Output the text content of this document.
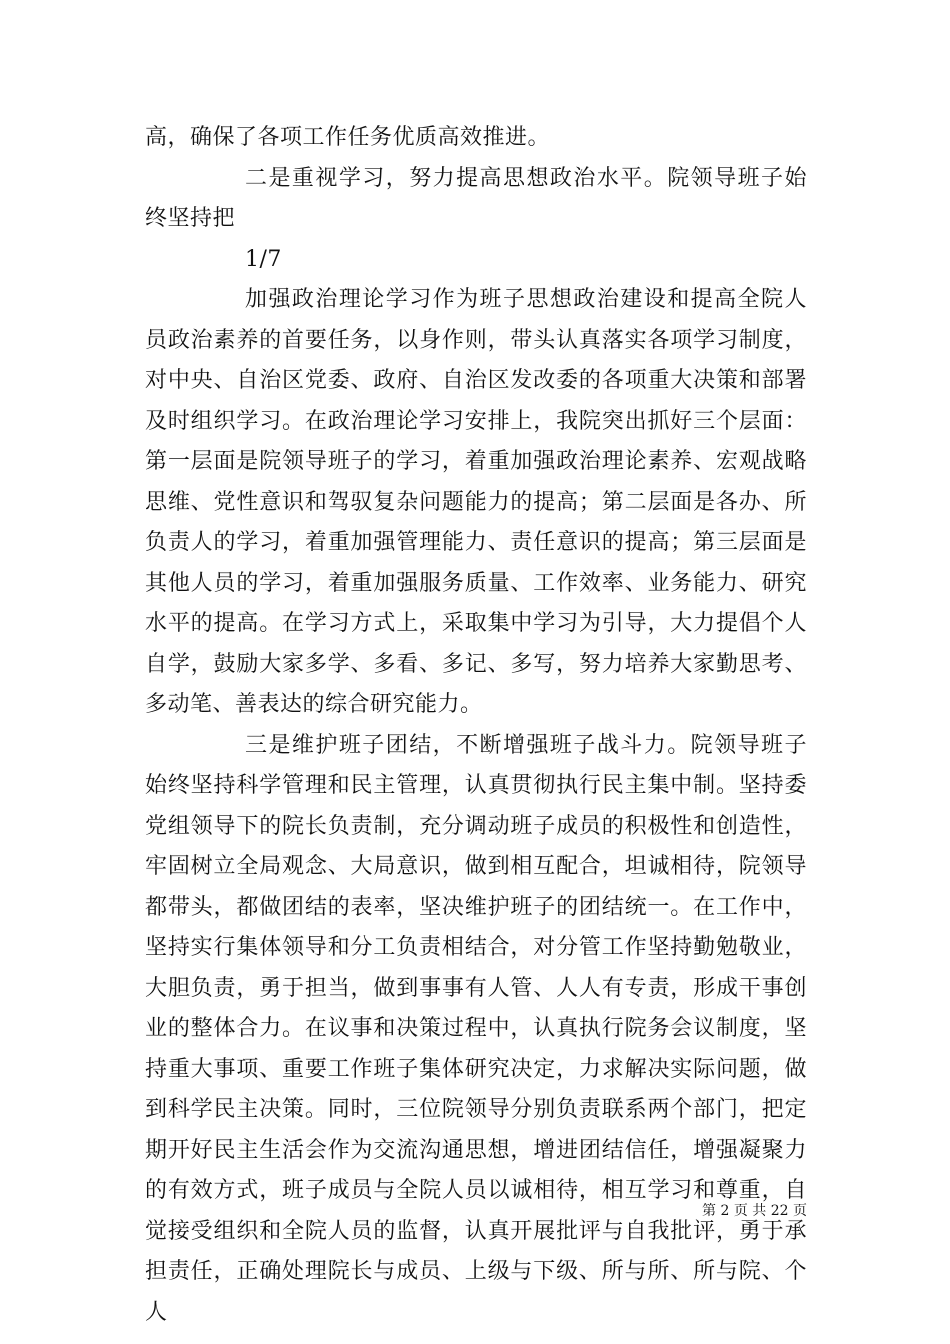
高，确保了各项工作任务优质高效推进。

二是重视学习，努力提高思想政治水平。院领导班子始终坚持把

1/7

加强政治理论学习作为班子思想政治建设和提高全院人员政治素养的首要任务，以身作则，带头认真落实各项学习制度，对中央、自治区党委、政府、自治区发改委的各项重大决策和部署及时组织学习。在政治理论学习安排上，我院突出抓好三个层面：第一层面是院领导班子的学习，着重加强政治理论素养、宏观战略思维、党性意识和驾驭复杂问题能力的提高；第二层面是各办、所负责人的学习，着重加强管理能力、责任意识的提高；第三层面是其他人员的学习，着重加强服务质量、工作效率、业务能力、研究水平的提高。在学习方式上，采取集中学习为引导，大力提倡个人自学，鼓励大家多学、多看、多记、多写，努力培养大家勤思考、多动笔、善表达的综合研究能力。

三是维护班子团结，不断增强班子战斗力。院领导班子始终坚持科学管理和民主管理，认真贯彻执行民主集中制。坚持委党组领导下的院长负责制，充分调动班子成员的积极性和创造性，牢固树立全局观念、大局意识，做到相互配合，坦诚相待，院领导都带头，都做团结的表率，坚决维护班子的团结统一。在工作中，坚持实行集体领导和分工负责相结合，对分管工作坚持勤勉敬业，大胆负责，勇于担当，做到事事有人管、人人有专责，形成干事创业的整体合力。在议事和决策过程中，认真执行院务会议制度，坚持重大事项、重要工作班子集体研究决定，力求解决实际问题，做到科学民主决策。同时，三位院领导分别负责联系两个部门，把定期开好民主生活会作为交流沟通思想，增进团结信任，增强凝聚力的有效方式，班子成员与全院人员以诚相待，相互学习和尊重，自觉接受组织和全院人员的监督，认真开展批评与自我批评，勇于承担责任，正确处理院长与成员、上级与下级、所与所、所与院、个人

第 2 页 共 22 页
